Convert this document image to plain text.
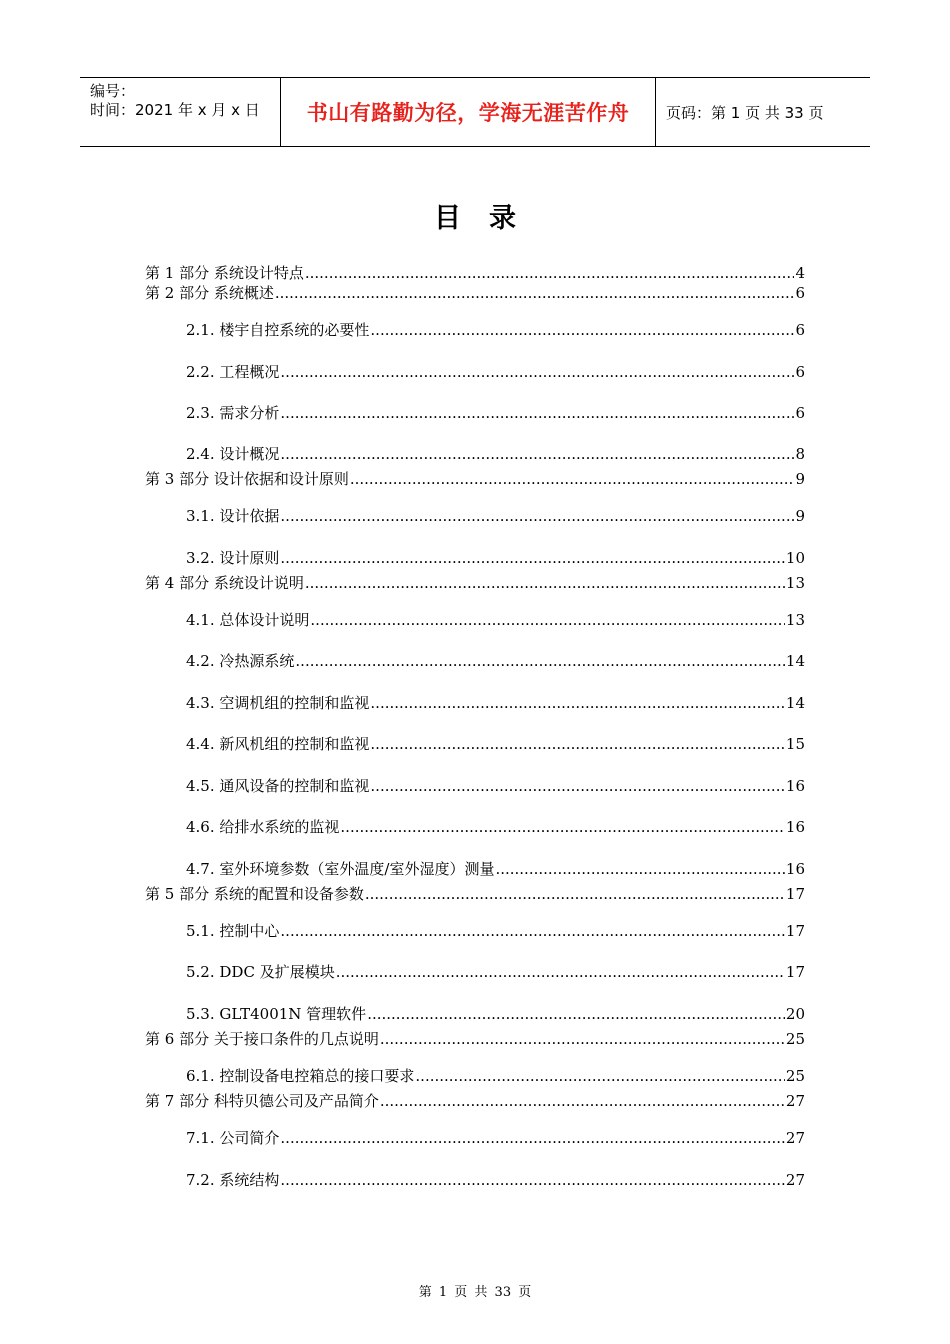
编号：
时间：2021 年 x 月 x 日 书山有路勤为径，学海无涯苦作舟 页码：第 1 页 共 33 页
目录
第 1 部分 系统设计特点 .....	4
第 2 部分 系统概述 .....	6
2.1. 楼宇自控系统的必要性 .....	6
2.2. 工程概况 .....	6
2.3. 需求分析 .....	6
2.4. 设计概况 .....	8
第 3 部分 设计依据和设计原则 .....	9
3.1. 设计依据 .....	9
3.2. 设计原则 .....	10
第 4 部分 系统设计说明 .....	13
4.1. 总体设计说明 .....	13
4.2. 冷热源系统 .....	14
4.3. 空调机组的控制和监视 .....	14
4.4. 新风机组的控制和监视 .....	15
4.5. 通风设备的控制和监视 .....	16
4.6. 给排水系统的监视 .....	16
4.7. 室外环境参数（室外温度/室外湿度）测量 .....	16
第 5 部分 系统的配置和设备参数 .....	17
5.1. 控制中心 .....	17
5.2. DDC 及扩展模块 .....	17
5.3. GLT4001N 管理软件 .....	20
第 6 部分 关于接口条件的几点说明 .....	25
6.1. 控制设备电控箱总的接口要求 .....	25
第 7 部分 科特贝德公司及产品简介 .....	27
7.1. 公司简介 .....	27
7.2. 系统结构 .....	27
第 1 页 共 33 页
